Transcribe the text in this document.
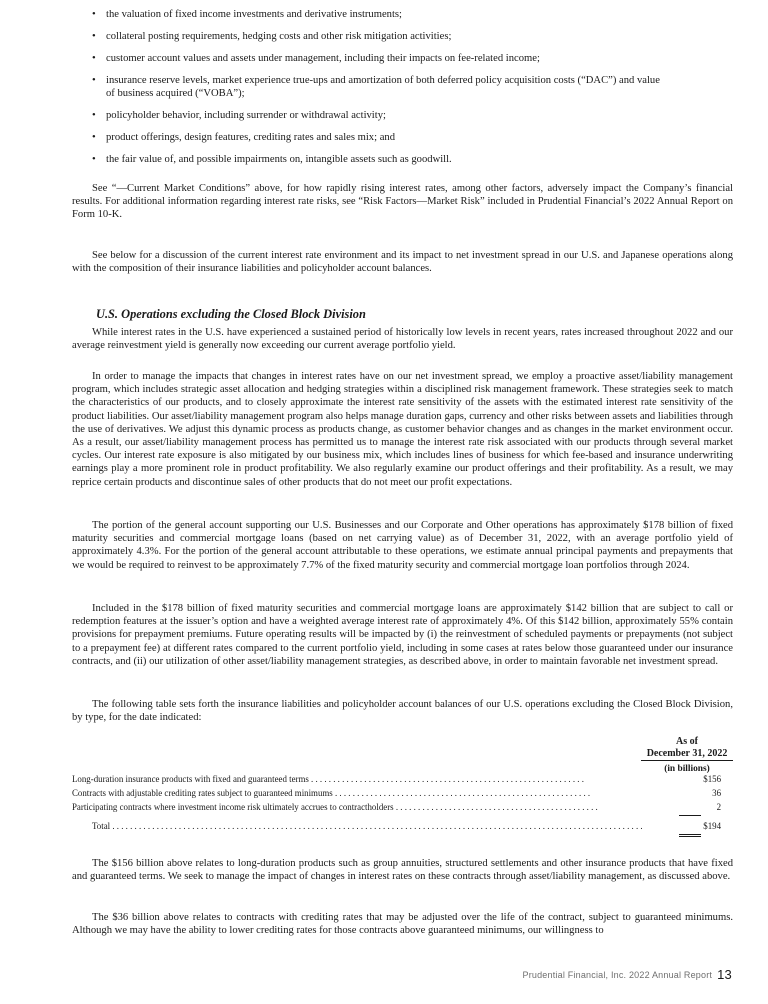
• the valuation of fixed income investments and derivative instruments;
• collateral posting requirements, hedging costs and other risk mitigation activities;
• customer account values and assets under management, including their impacts on fee-related income;
• insurance reserve levels, market experience true-ups and amortization of both deferred policy acquisition costs (“DAC”) and value
of business acquired (“VOBA”);
• policyholder behavior, including surrender or withdrawal activity;
• product offerings, design features, crediting rates and sales mix; and
• the fair value of, and possible impairments on, intangible assets such as goodwill.

See “—Current Market Conditions” above, for how rapidly rising interest rates, among other factors, adversely impact the Company’s financial results. For additional information regarding interest rate risks, see “Risk Factors—Market Risk” included in Prudential Financial’s 2022 Annual Report on Form 10-K.

See below for a discussion of the current interest rate environment and its impact to net investment spread in our U.S. and Japanese operations along with the composition of their insurance liabilities and policyholder account balances.

U.S. Operations excluding the Closed Block Division

While interest rates in the U.S. have experienced a sustained period of historically low levels in recent years, rates increased throughout 2022 and our average reinvestment yield is generally now exceeding our current average portfolio yield.

In order to manage the impacts that changes in interest rates have on our net investment spread, we employ a proactive asset/liability management program, which includes strategic asset allocation and hedging strategies within a disciplined risk management framework. These strategies seek to match the characteristics of our products, and to closely approximate the interest rate sensitivity of the assets with the estimated interest rate sensitivity of the product liabilities. Our asset/liability management program also helps manage duration gaps, currency and other risks between assets and liabilities through the use of derivatives. We adjust this dynamic process as products change, as customer behavior changes and as changes in the market environment occur. As a result, our asset/liability management process has permitted us to manage the interest rate risk associated with our products through several market cycles. Our interest rate exposure is also mitigated by our business mix, which includes lines of business for which fee-based and insurance underwriting earnings play a more prominent role in product profitability. We also regularly examine our product offerings and their profitability. As a result, we may reprice certain products and discontinue sales of other products that do not meet our profit expectations.

The portion of the general account supporting our U.S. Businesses and our Corporate and Other operations has approximately $178 billion of fixed maturity securities and commercial mortgage loans (based on net carrying value) as of December 31, 2022, with an average portfolio yield of approximately 4.3%. For the portion of the general account attributable to these operations, we estimate annual principal payments and prepayments that we would be required to reinvest to be approximately 7.7% of the fixed maturity security and commercial mortgage loan portfolios through 2024.

Included in the $178 billion of fixed maturity securities and commercial mortgage loans are approximately $142 billion that are subject to call or redemption features at the issuer’s option and have a weighted average interest rate of approximately 4%. Of this $142 billion, approximately 55% contain provisions for prepayment premiums. Future operating results will be impacted by (i) the reinvestment of scheduled payments or prepayments (not subject to a prepayment fee) at different rates compared to the current portfolio yield, including in some cases at rates below those guaranteed under our insurance contracts, and (ii) our utilization of other asset/liability management strategies, as described above, in order to maintain favorable net investment spread.

The following table sets forth the insurance liabilities and policyholder account balances of our U.S. operations excluding the Closed Block Division, by type, for the date indicated:

As of
December 31, 2022
(in billions)
Long-duration insurance products with fixed and guaranteed terms . . . . . . . . . . . . . . . . . . . . . . . . . . . . . . . . . . . . . . . . . . . . . . . . . . . . . . . . . . . . . .	$156
Contracts with adjustable crediting rates subject to guaranteed minimums . . . . . . . . . . . . . . . . . . . . . . . . . . . . . . . . . . . . . . . . . . . . . . . . . . . . . . . . . .	36
Participating contracts where investment income risk ultimately accrues to contractholders . . . . . . . . . . . . . . . . . . . . . . . . . . . . . . . . . . . . . . . . . . . . . .	2
Total . . . . . . . . . . . . . . . . . . . . . . . . . . . . . . . . . . . . . . . . . . . . . . . . . . . . . . . . . . . . . . . . . . . . . . . . . . . . . . . . . . . . . . . . . . . . . . . . . . . . . . . . . . . . . . . . . . . . . . . .	$194

The $156 billion above relates to long-duration products such as group annuities, structured settlements and other insurance products that have fixed and guaranteed terms. We seek to manage the impact of changes in interest rates on these contracts through asset/liability management, as discussed above.

The $36 billion above relates to contracts with crediting rates that may be adjusted over the life of the contract, subject to guaranteed minimums. Although we may have the ability to lower crediting rates for those contracts above guaranteed minimums, our willingness to

Prudential Financial, Inc. 2022 Annual Report 13
